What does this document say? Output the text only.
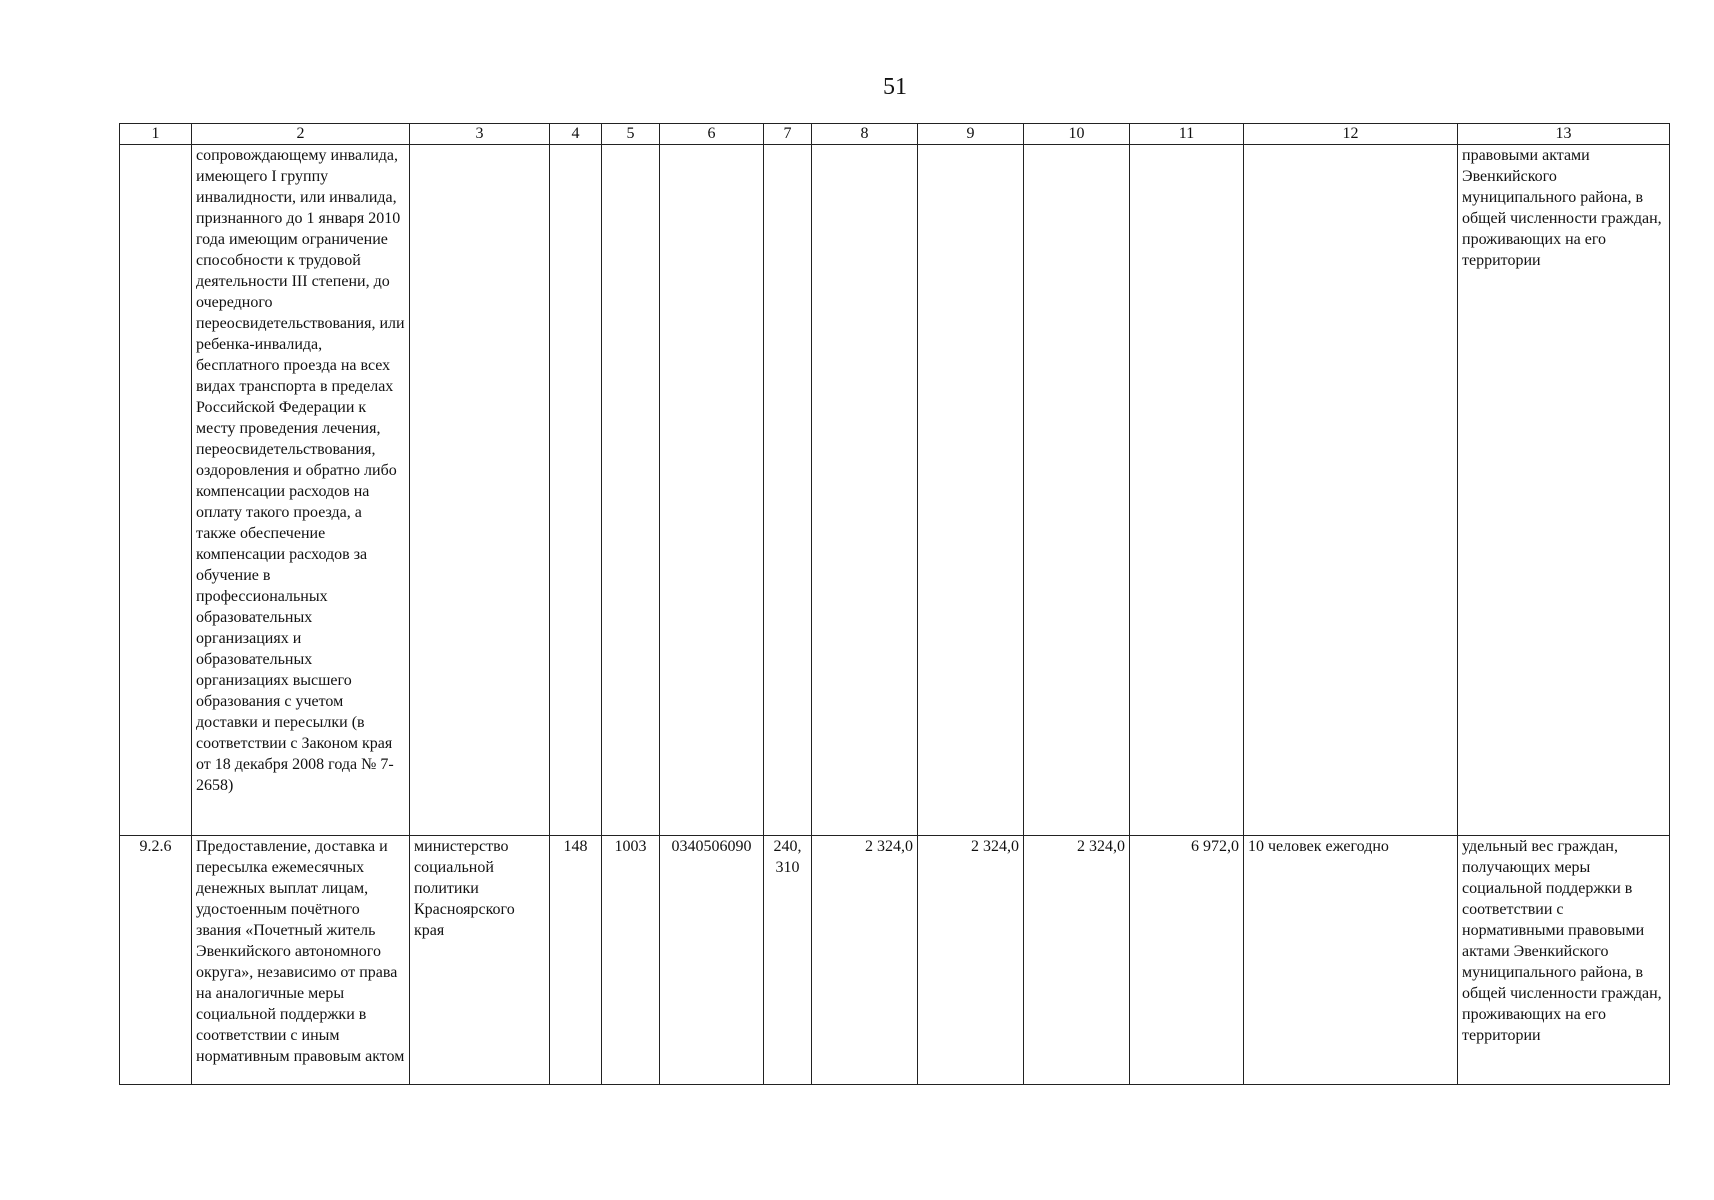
51
1	2	3	4	5	6	7	8	9	10	11	12	13
	сопровождающему инвалида, имеющего I группу инвалидности, или инвалида, признанного до 1 января 2010 года имеющим ограничение способности к трудовой деятельности III степени, до очередного переосвидетельствования, или ребенка-инвалида, бесплатного проезда на всех видах транспорта в пределах Российской Федерации к месту проведения лечения, переосвидетельствования, оздоровления и обратно либо компенсации расходов на оплату такого проезда, а также обеспечение компенсации расходов за обучение в профессиональных образовательных организациях и образовательных организациях высшего образования с учетом доставки и пересылки (в соответствии с Законом края от 18 декабря 2008 года № 7-2658)											правовыми актами Эвенкийского муниципального района, в общей численности граждан, проживающих на его территории
9.2.6	Предоставление, доставка и пересылка ежемесячных денежных выплат лицам, удостоенным почётного звания «Почетный житель Эвенкийского автономного округа», независимо от права на аналогичные меры социальной поддержки в соответствии с иным нормативным правовым актом	министерство социальной политики Красноярского края	148	1003	0340506090	240, 310	2 324,0	2 324,0	2 324,0	6 972,0	10 человек ежегодно	удельный вес граждан, получающих меры социальной поддержки в соответствии с нормативными правовыми актами Эвенкийского муниципального района, в общей численности граждан, проживающих на его территории
